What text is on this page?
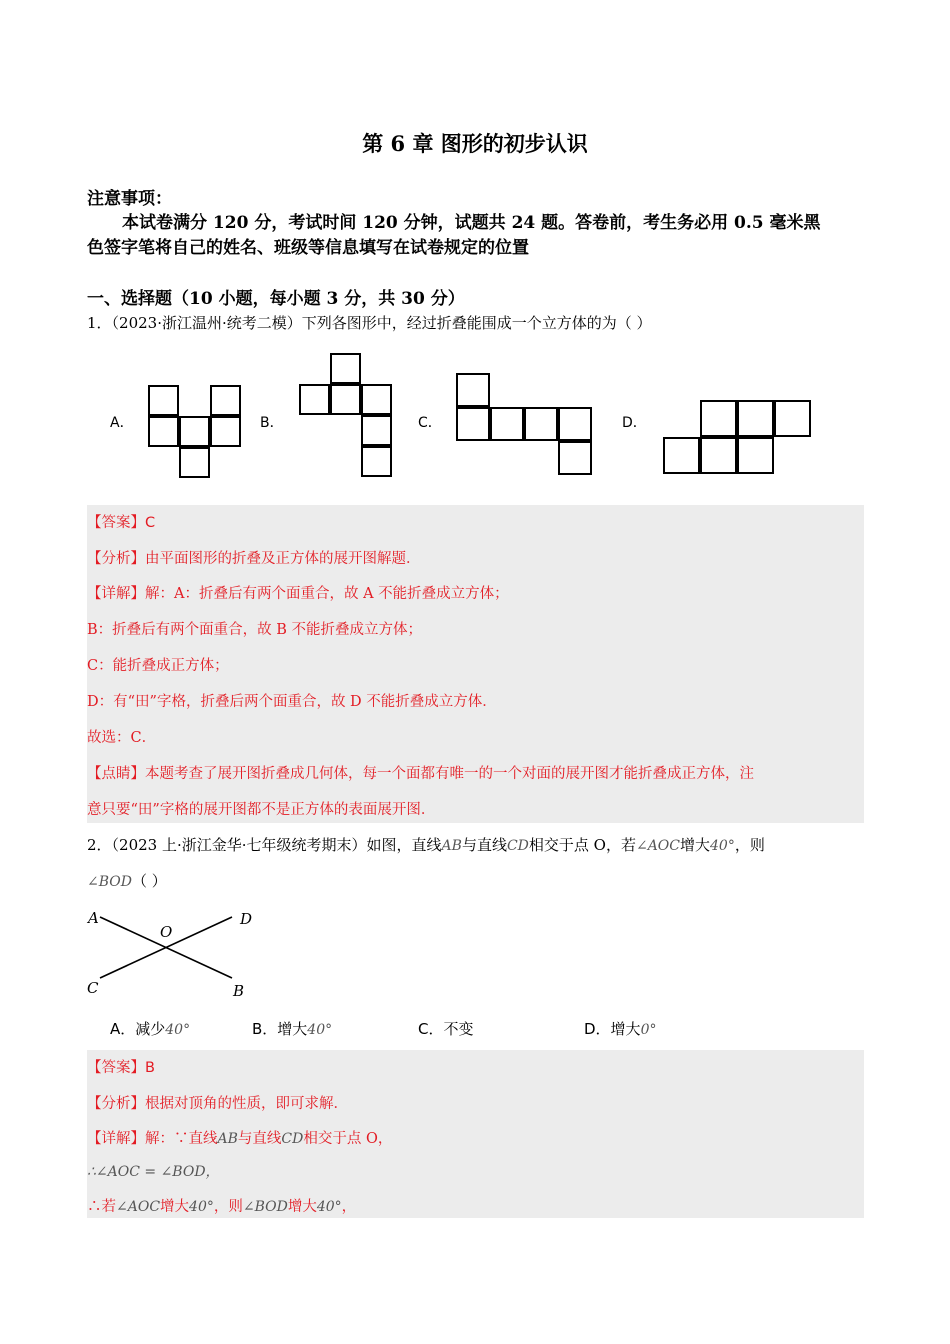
第 6 章 图形的初步认识
注意事项：
本试卷满分 120 分，考试时间 120 分钟，试题共 24 题。答卷前，考生务必用 0.5 毫米黑
色签字笔将自己的姓名、班级等信息填写在试卷规定的位置
一、选择题（10 小题，每小题 3 分，共 30 分）
1．（2023·浙江温州·统考二模）下列各图形中，经过折叠能围成一个立方体的为（ ）
A．	B．	C．	D．
【答案】C
【分析】由平面图形的折叠及正方体的展开图解题．
【详解】解：A：折叠后有两个面重合，故 A 不能折叠成立方体；
B：折叠后有两个面重合，故 B 不能折叠成立方体；
C：能折叠成正方体；
D：有“田”字格，折叠后两个面重合，故 D 不能折叠成立方体．
故选：C．
【点睛】本题考查了展开图折叠成几何体，每一个面都有唯一的一个对面的展开图才能折叠成正方体，注
意只要“田”字格的展开图都不是正方体的表面展开图．
2．（2023 上·浙江金华·七年级统考期末）如图，直线AB与直线CD相交于点 O，若∠AOC增大40°，则
∠BOD（ ）
A	D
O
C	B
A．减少40°	B．增大40°	C．不变	D．增大0°
【答案】B
【分析】根据对顶角的性质，即可求解．
【详解】解：∵直线AB与直线CD相交于点 O，
∴∠AOC = ∠BOD，
∴若∠AOC增大40°，则∠BOD增大40°，
